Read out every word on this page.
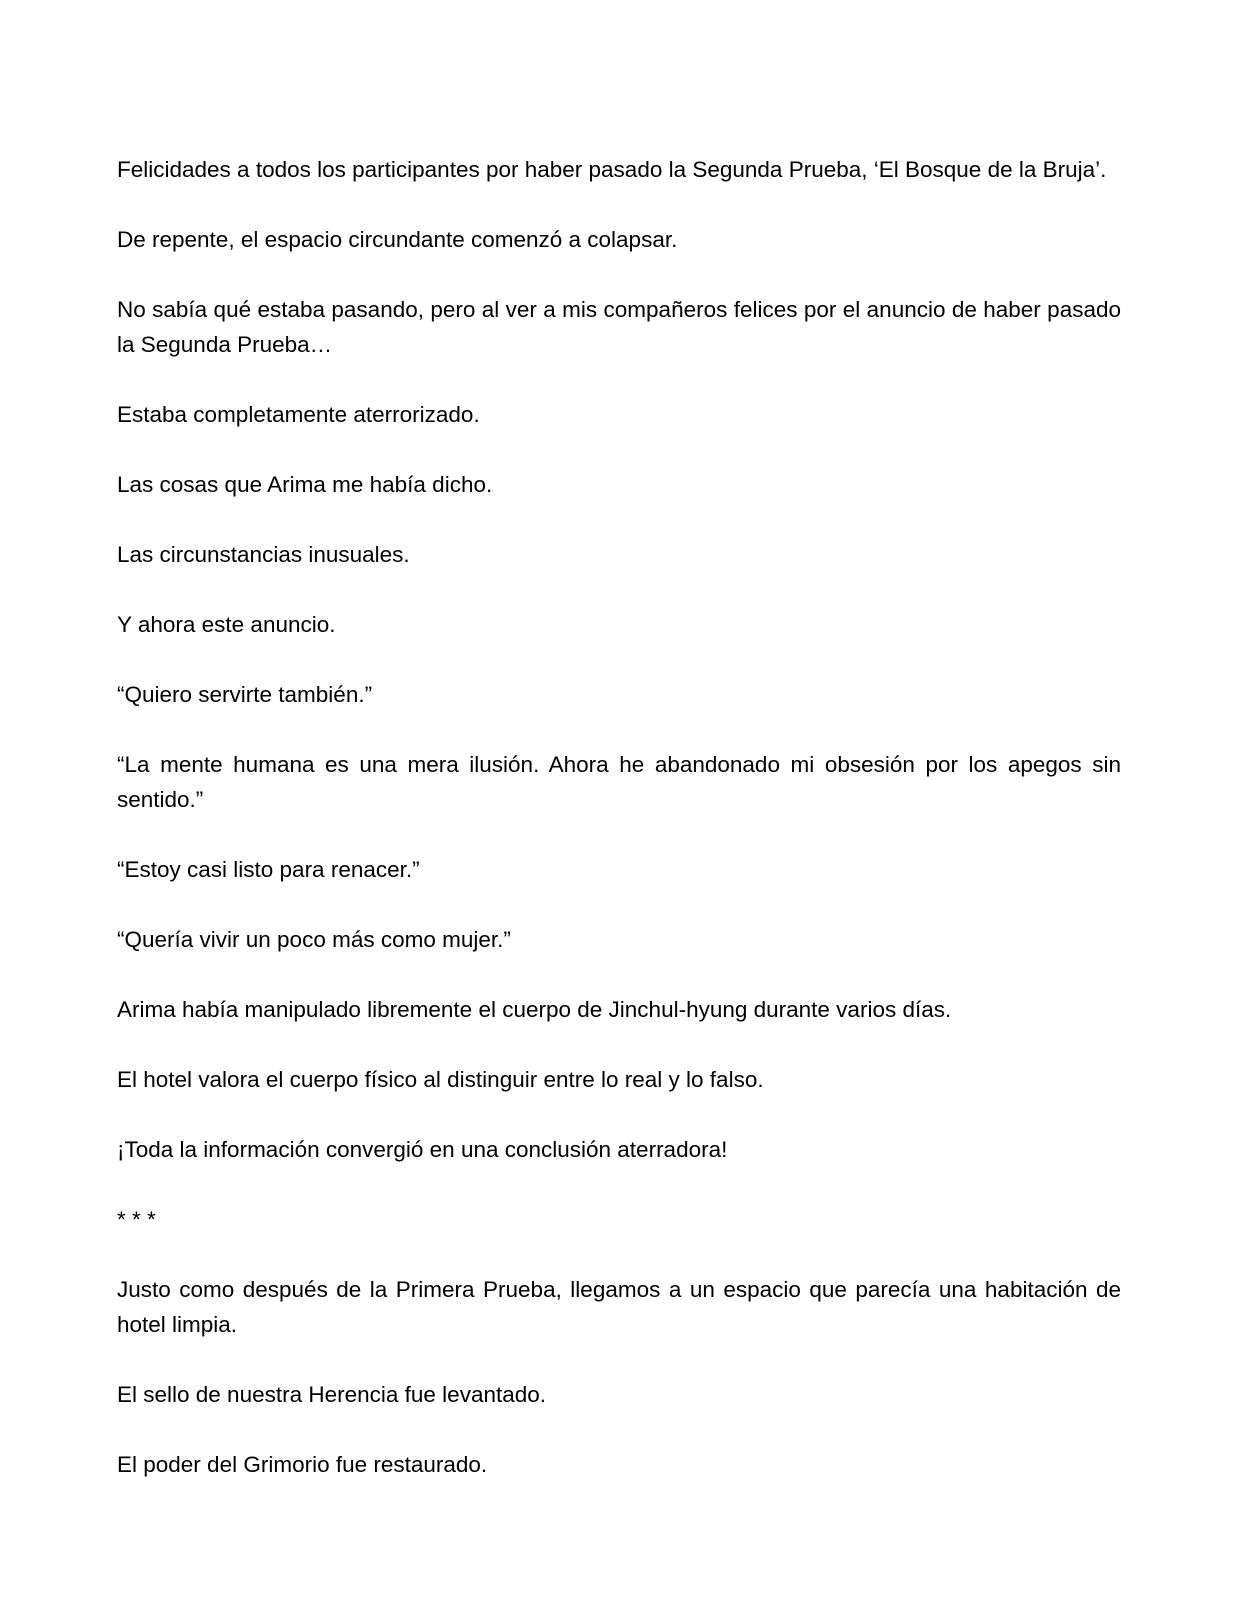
Felicidades a todos los participantes por haber pasado la Segunda Prueba, ‘El Bosque de la Bruja’.

De repente, el espacio circundante comenzó a colapsar.

No sabía qué estaba pasando, pero al ver a mis compañeros felices por el anuncio de haber pasado la Segunda Prueba…

Estaba completamente aterrorizado.

Las cosas que Arima me había dicho.

Las circunstancias inusuales.

Y ahora este anuncio.

“Quiero servirte también.”

“La mente humana es una mera ilusión. Ahora he abandonado mi obsesión por los apegos sin sentido.”

“Estoy casi listo para renacer.”

“Quería vivir un poco más como mujer.”

Arima había manipulado libremente el cuerpo de Jinchul-hyung durante varios días.

El hotel valora el cuerpo físico al distinguir entre lo real y lo falso.

¡Toda la información convergió en una conclusión aterradora!

* * *

Justo como después de la Primera Prueba, llegamos a un espacio que parecía una habitación de hotel limpia.

El sello de nuestra Herencia fue levantado.

El poder del Grimorio fue restaurado.
